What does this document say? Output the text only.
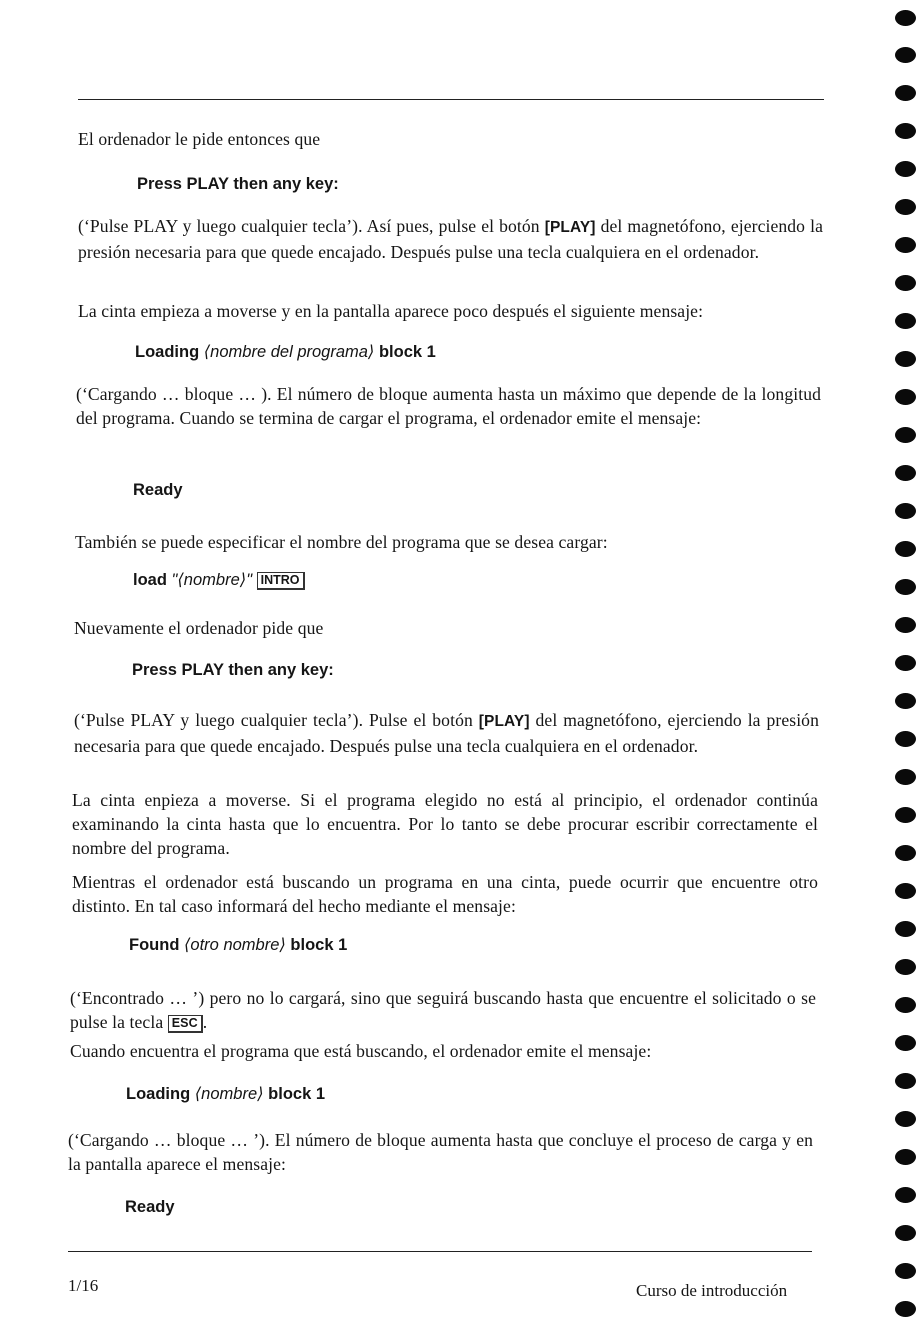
El ordenador le pide entonces que

Press PLAY then any key:

(‘Pulse PLAY y luego cualquier tecla’). Así pues, pulse el botón [PLAY] del magnetófono, ejerciendo la presión necesaria para que quede encajado. Después pulse una tecla cualquiera en el ordenador.

La cinta empieza a moverse y en la pantalla aparece poco después el siguiente mensaje:

Loading ⟨nombre del programa⟩ block 1

(‘Cargando … bloque … ). El número de bloque aumenta hasta un máximo que depende de la longitud del programa. Cuando se termina de cargar el programa, el ordenador emite el mensaje:

Ready

También se puede especificar el nombre del programa que se desea cargar:

load "⟨nombre⟩" INTRO

Nuevamente el ordenador pide que

Press PLAY then any key:

(‘Pulse PLAY y luego cualquier tecla’). Pulse el botón [PLAY] del magnetófono, ejerciendo la presión necesaria para que quede encajado. Después pulse una tecla cualquiera en el ordenador.

La cinta enpieza a moverse. Si el programa elegido no está al principio, el ordenador continúa examinando la cinta hasta que lo encuentra. Por lo tanto se debe procurar escribir correctamente el nombre del programa.

Mientras el ordenador está buscando un programa en una cinta, puede ocurrir que encuentre otro distinto. En tal caso informará del hecho mediante el mensaje:

Found ⟨otro nombre⟩ block 1

(‘Encontrado … ’) pero no lo cargará, sino que seguirá buscando hasta que encuentre el solicitado o se pulse la tecla ESC .

Cuando encuentra el programa que está buscando, el ordenador emite el mensaje:

Loading ⟨nombre⟩ block 1

(‘Cargando … bloque … ’). El número de bloque aumenta hasta que concluye el proceso de carga y en la pantalla aparece el mensaje:

Ready

1/16	Curso de introducción
